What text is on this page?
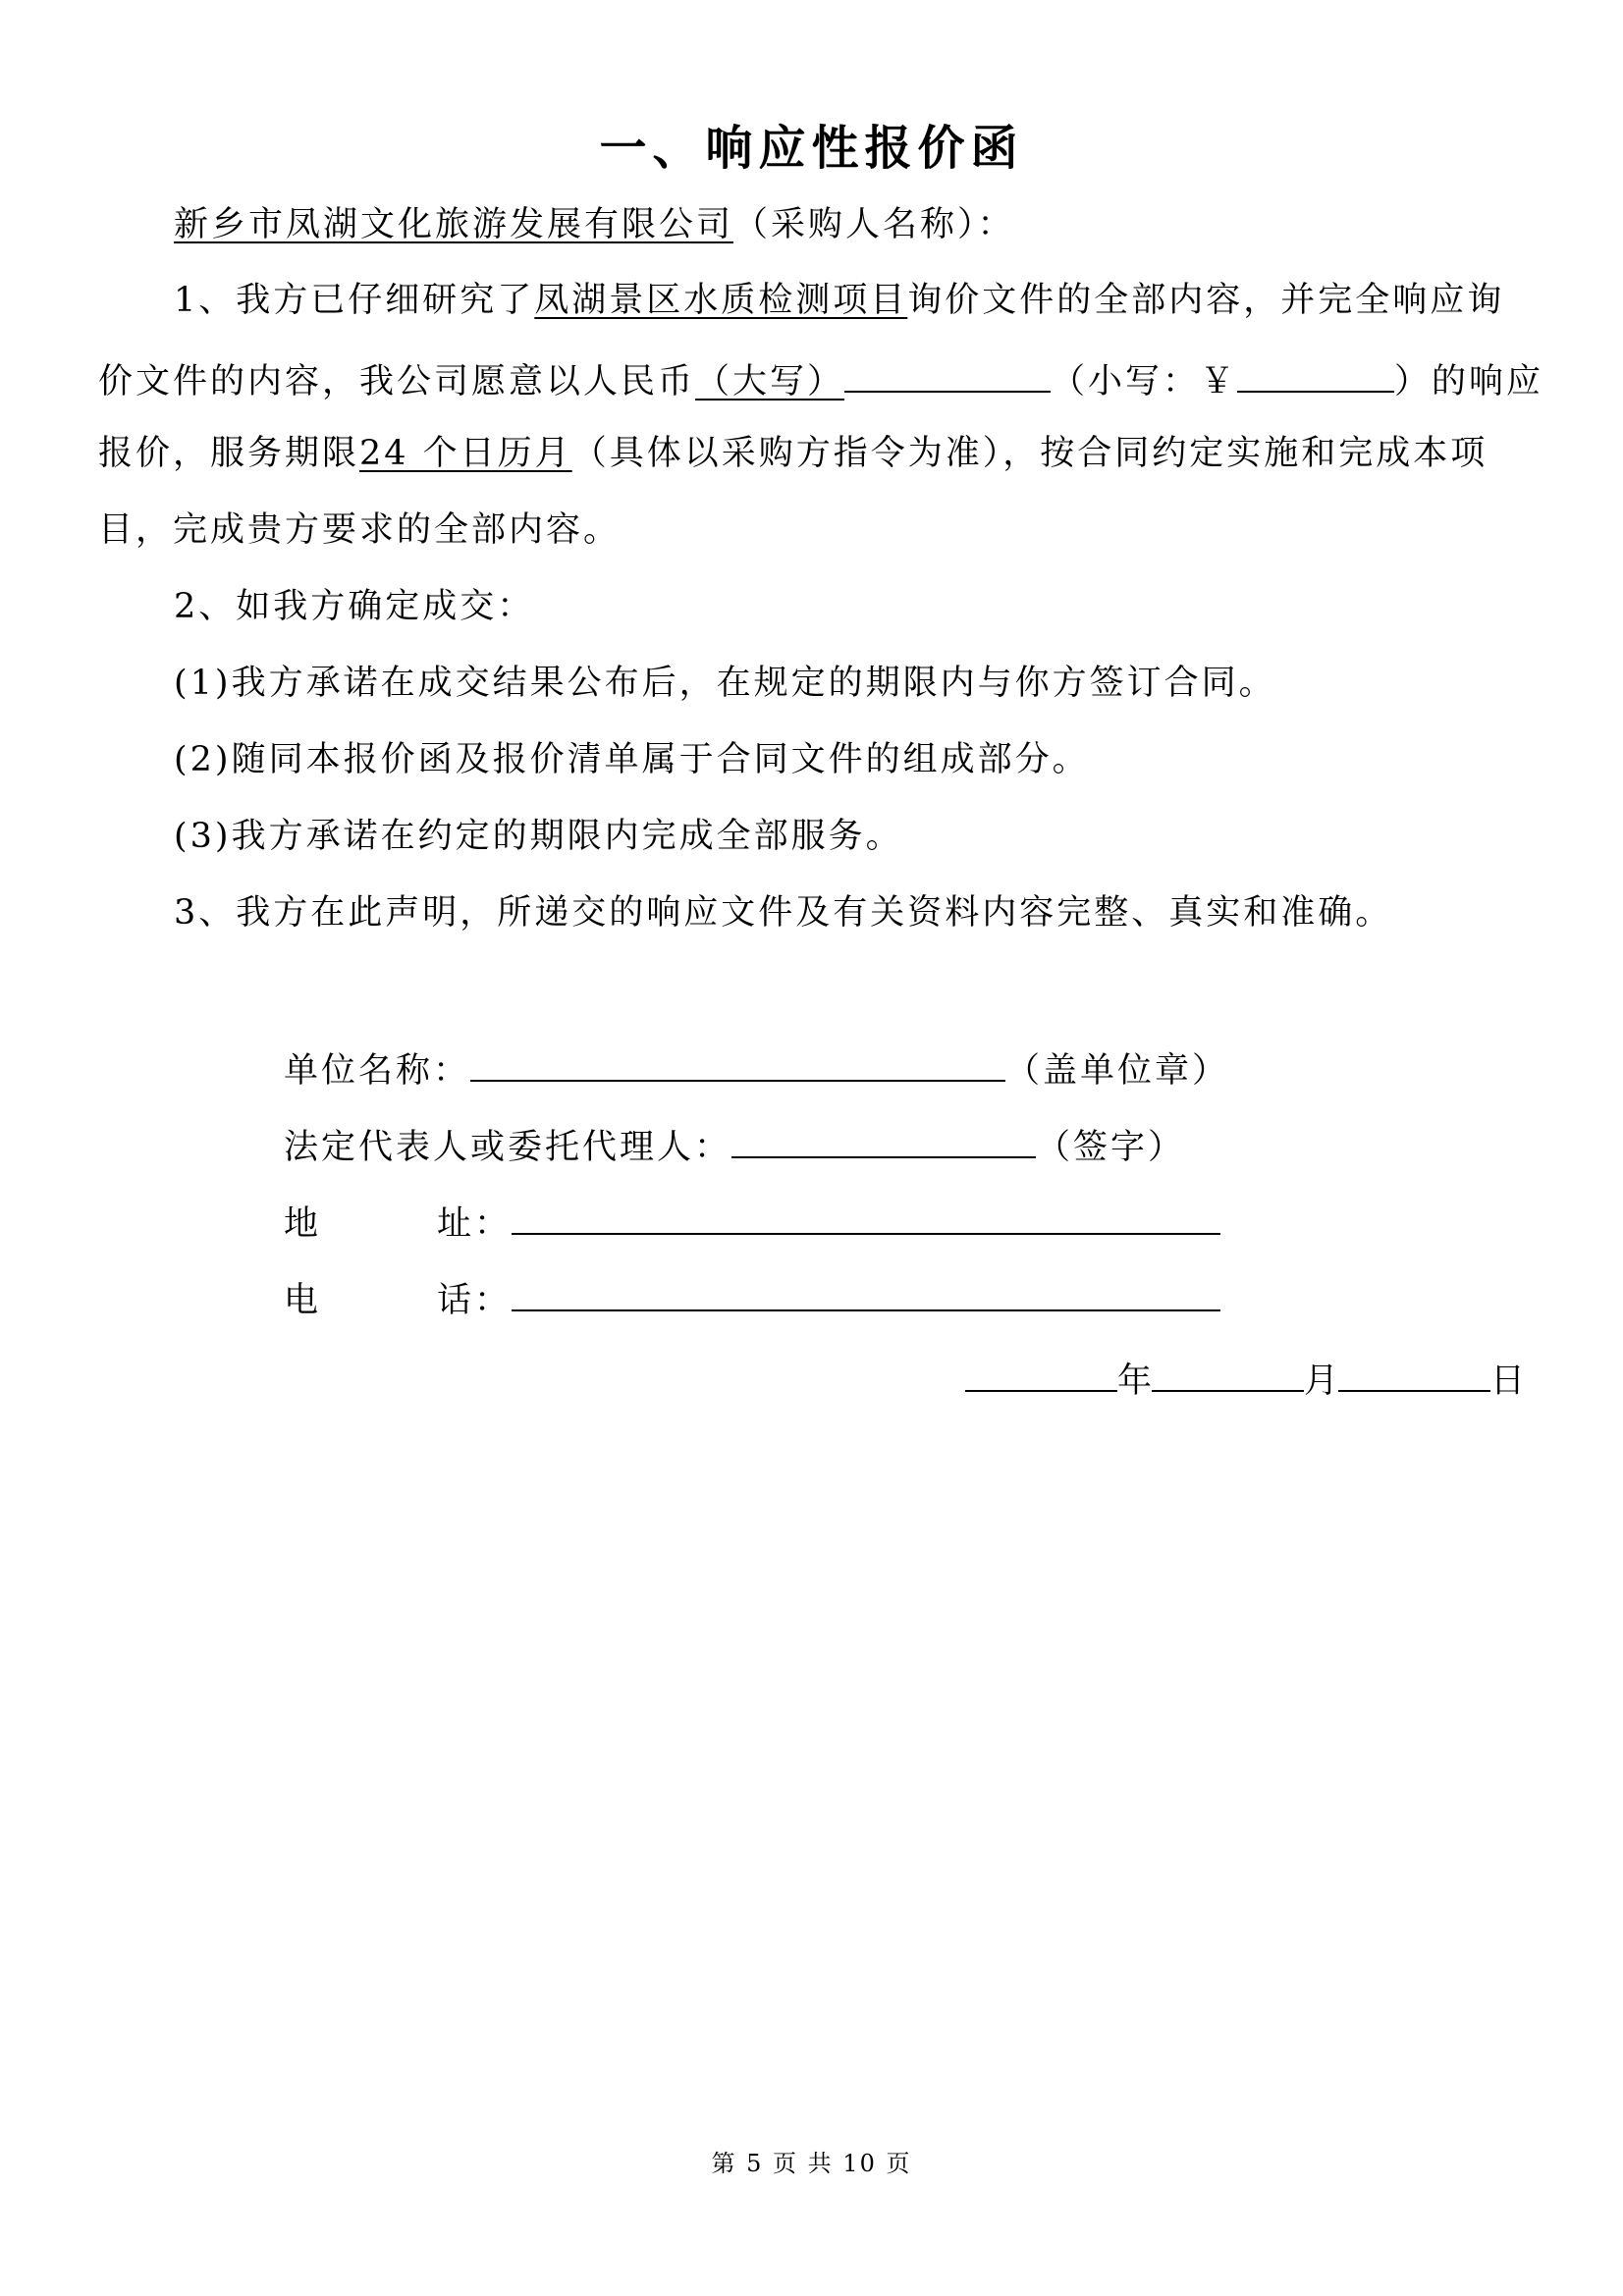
一、响应性报价函
新乡市凤湖文化旅游发展有限公司（采购人名称）：
1、我方已仔细研究了凤湖景区水质检测项目询价文件的全部内容，并完全响应询
价文件的内容，我公司愿意以人民币（大写）	（小写：￥	）的响应
报价，服务期限24 个日历月（具体以采购方指令为准），按合同约定实施和完成本项
目，完成贵方要求的全部内容。
2、如我方确定成交：
(1)我方承诺在成交结果公布后，在规定的期限内与你方签订合同。
(2)随同本报价函及报价清单属于合同文件的组成部分。
(3)我方承诺在约定的期限内完成全部服务。
3、我方在此声明，所递交的响应文件及有关资料内容完整、真实和准确。
单位名称：	（盖单位章）
法定代表人或委托代理人：	（签字）
地	址：
电	话：
年	月	日
第 5 页 共 10 页
